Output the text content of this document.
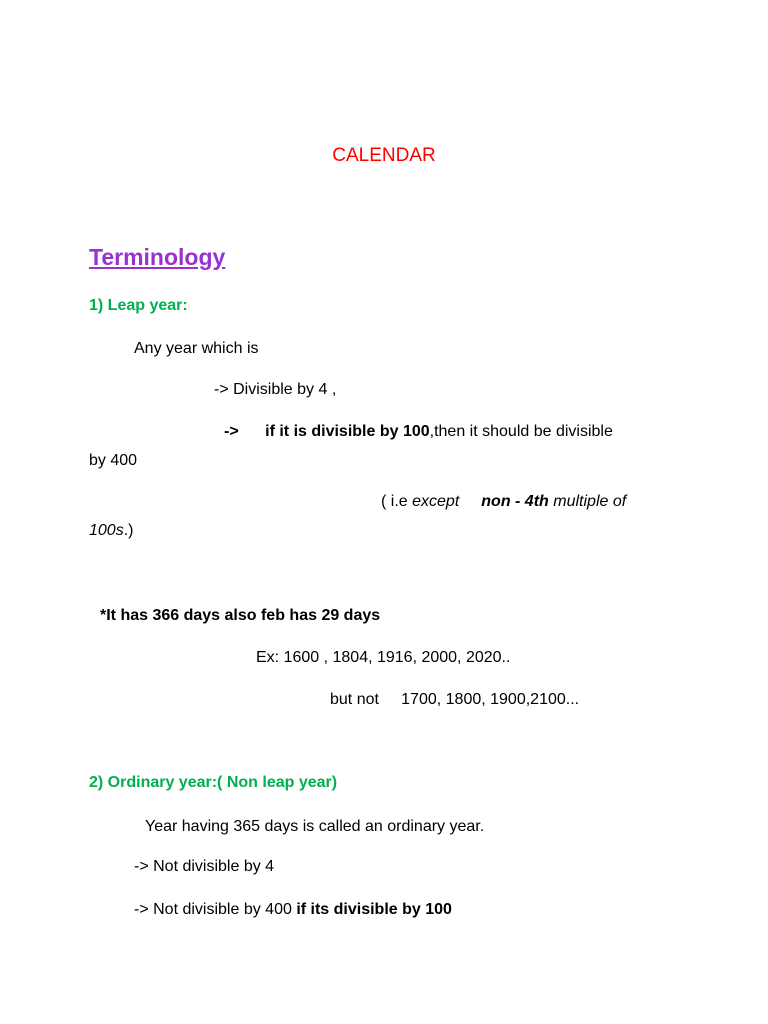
CALENDAR
Terminology
1) Leap year:
Any year which is
-> Divisible by 4 ,
-> if it is divisible by 100,then it should be divisible
by 400
( i.e except non - 4th multiple of
100s.)
*It has 366 days also feb has 29 days
Ex: 1600 , 1804, 1916, 2000, 2020..
but not     1700, 1800, 1900,2100...
2) Ordinary year:( Non leap year)
Year having 365 days is called an ordinary year.
-> Not divisible by 4
-> Not divisible by 400 if its divisible by 100
